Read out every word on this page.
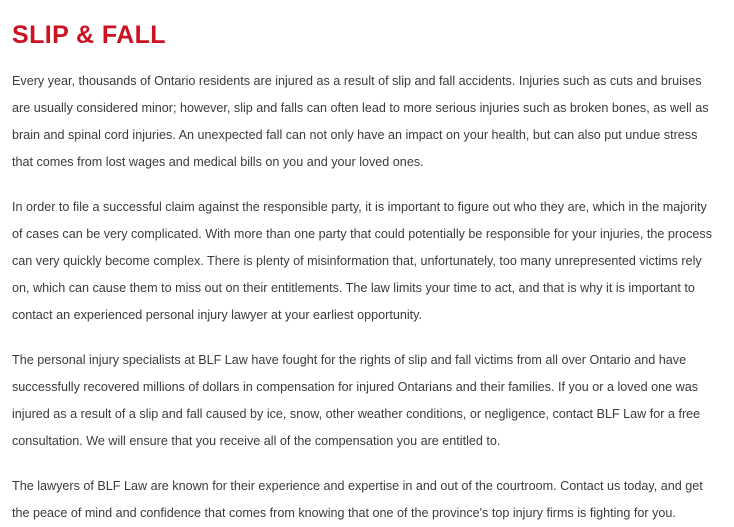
SLIP & FALL

Every year, thousands of Ontario residents are injured as a result of slip and fall accidents. Injuries such as cuts and bruises are usually considered minor; however, slip and falls can often lead to more serious injuries such as broken bones, as well as brain and spinal cord injuries. An unexpected fall can not only have an impact on your health, but can also put undue stress that comes from lost wages and medical bills on you and your loved ones.

In order to file a successful claim against the responsible party, it is important to figure out who they are, which in the majority of cases can be very complicated. With more than one party that could potentially be responsible for your injuries, the process can very quickly become complex. There is plenty of misinformation that, unfortunately, too many unrepresented victims rely on, which can cause them to miss out on their entitlements. The law limits your time to act, and that is why it is important to contact an experienced personal injury lawyer at your earliest opportunity.

The personal injury specialists at BLF Law have fought for the rights of slip and fall victims from all over Ontario and have successfully recovered millions of dollars in compensation for injured Ontarians and their families. If you or a loved one was injured as a result of a slip and fall caused by ice, snow, other weather conditions, or negligence, contact BLF Law for a free consultation. We will ensure that you receive all of the compensation you are entitled to.

The lawyers of BLF Law are known for their experience and expertise in and out of the courtroom. Contact us today, and get the peace of mind and confidence that comes from knowing that one of the province's top injury firms is fighting for you.
